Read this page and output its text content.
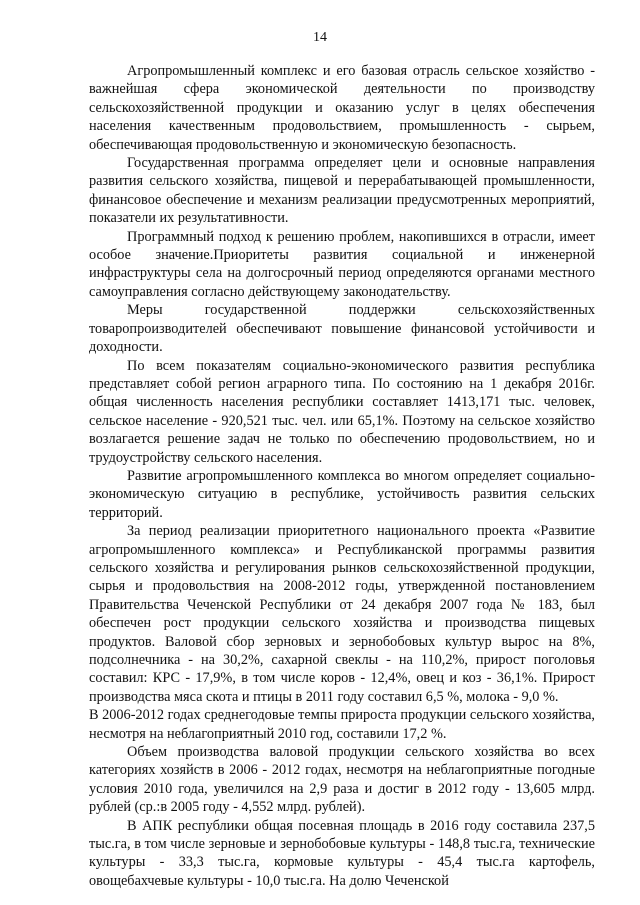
14

Агропромышленный комплекс и его базовая отрасль сельское хозяйство - важнейшая сфера экономической деятельности по производству сельскохозяйственной продукции и оказанию услуг в целях обеспечения населения качественным продовольствием, промышленность - сырьем, обеспечивающая продовольственную и экономическую безопасность.

Государственная программа определяет цели и основные направления развития сельского хозяйства, пищевой и перерабатывающей промышленности, финансовое обеспечение и механизм реализации предусмотренных мероприятий, показатели их результативности.

Программный подход к решению проблем, накопившихся в отрасли, имеет особое значение.Приоритеты развития социальной и инженерной инфраструктуры села на долгосрочный период определяются органами местного самоуправления согласно действующему законодательству.

Меры государственной поддержки сельскохозяйственных товаропроизводителей обеспечивают повышение финансовой устойчивости и доходности.

По всем показателям социально-экономического развития республика представляет собой регион аграрного типа. По состоянию на 1 декабря 2016г. общая численность населения республики составляет 1413,171 тыс. человек, сельское население - 920,521 тыс. чел. или 65,1%. Поэтому на сельское хозяйство возлагается решение задач не только по обеспечению продовольствием, но и трудоустройству сельского населения.

Развитие агропромышленного комплекса во многом определяет социально-экономическую ситуацию в республике, устойчивость развития сельских территорий.

За период реализации приоритетного национального проекта «Развитие агропромышленного комплекса» и Республиканской программы развития сельского хозяйства и регулирования рынков сельскохозяйственной продукции, сырья и продовольствия на 2008-2012 годы, утвержденной постановлением Правительства Чеченской Республики от 24 декабря 2007 года № 183, был обеспечен рост продукции сельского хозяйства и производства пищевых продуктов. Валовой сбор зерновых и зернобобовых культур вырос на 8%, подсолнечника - на 30,2%, сахарной свеклы - на 110,2%, прирост поголовья составил: КРС - 17,9%, в том числе коров - 12,4%, овец и коз - 36,1%. Прирост производства мяса скота и птицы в 2011 году составил 6,5 %, молока - 9,0 %.

В 2006-2012 годах среднегодовые темпы прироста продукции сельского хозяйства, несмотря на неблагоприятный 2010 год, составили 17,2 %.

Объем производства валовой продукции сельского хозяйства во всех категориях хозяйств в 2006 - 2012 годах, несмотря на неблагоприятные погодные условия 2010 года, увеличился на 2,9 раза и достиг в 2012 году - 13,605 млрд. рублей (ср.:в 2005 году - 4,552 млрд. рублей).

В АПК республики общая посевная площадь в 2016 году составила 237,5 тыс.га, в том числе зерновые и зернобобовые культуры - 148,8 тыс.га, технические культуры - 33,3 тыс.га, кормовые культуры - 45,4 тыс.га картофель, овощебахчевые культуры - 10,0 тыс.га. На долю Чеченской
